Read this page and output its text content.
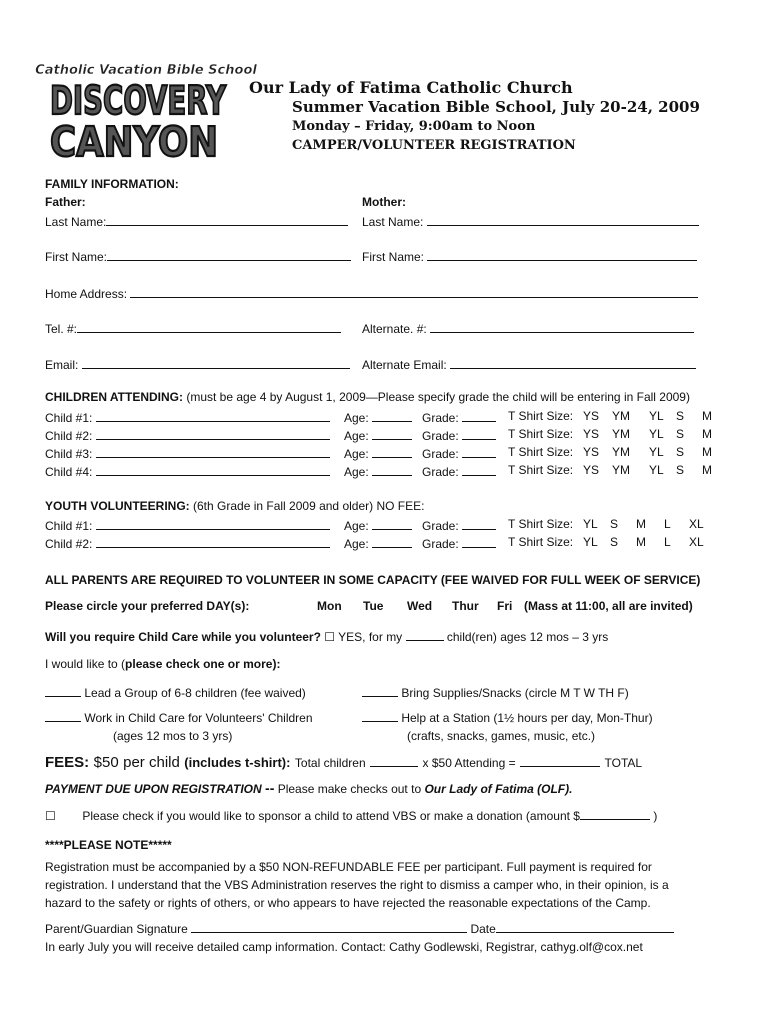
Catholic Vacation Bible School
DISCOVERY
CANYON
Our Lady of Fatima Catholic Church
Summer Vacation Bible School, July 20-24, 2009
Monday – Friday, 9:00am to Noon
CAMPER/VOLUNTEER REGISTRATION
FAMILY INFORMATION:
Father:	Mother:
Last Name:	Last Name:
First Name:	First Name:
Home Address:
Tel. #:	Alternate. #:
Email:	Alternate Email:
CHILDREN ATTENDING: (must be age 4 by August 1, 2009—Please specify grade the child will be entering in Fall 2009)
Child #1:	Age:	Grade:	T Shirt Size: YS YM YL S M
Child #2:	Age:	Grade:	T Shirt Size: YS YM YL S M
Child #3:	Age:	Grade:	T Shirt Size: YS YM YL S M
Child #4:	Age:	Grade:	T Shirt Size: YS YM YL S M
YOUTH VOLUNTEERING: (6th Grade in Fall 2009 and older) NO FEE:
Child #1:	Age:	Grade:	T Shirt Size: YL S M L XL
Child #2:	Age:	Grade:	T Shirt Size: YL S M L XL
ALL PARENTS ARE REQUIRED TO VOLUNTEER IN SOME CAPACITY (FEE WAIVED FOR FULL WEEK OF SERVICE)
Please circle your preferred DAY(s):	Mon Tue Wed Thur Fri (Mass at 11:00, all are invited)
Will you require Child Care while you volunteer? ☐ YES, for my	child(ren) ages 12 mos – 3 yrs
I would like to (please check one or more):
Lead a Group of 6-8 children (fee waived)	Bring Supplies/Snacks (circle M T W TH F)
Work in Child Care for Volunteers' Children	Help at a Station (1½ hours per day, Mon-Thur)
(ages 12 mos to 3 yrs)	(crafts, snacks, games, music, etc.)
FEES: $50 per child (includes t-shirt): Total children	x $50 Attending =	TOTAL
PAYMENT DUE UPON REGISTRATION -- Please make checks out to Our Lady of Fatima (OLF).
☐ Please check if you would like to sponsor a child to attend VBS or make a donation (amount $	)
****PLEASE NOTE*****
Registration must be accompanied by a $50 NON-REFUNDABLE FEE per participant. Full payment is required for
registration. I understand that the VBS Administration reserves the right to dismiss a camper who, in their opinion, is a
hazard to the safety or rights of others, or who appears to have rejected the reasonable expectations of the Camp.
Parent/Guardian Signature	Date
In early July you will receive detailed camp information. Contact: Cathy Godlewski, Registrar, cathyg.olf@cox.net
